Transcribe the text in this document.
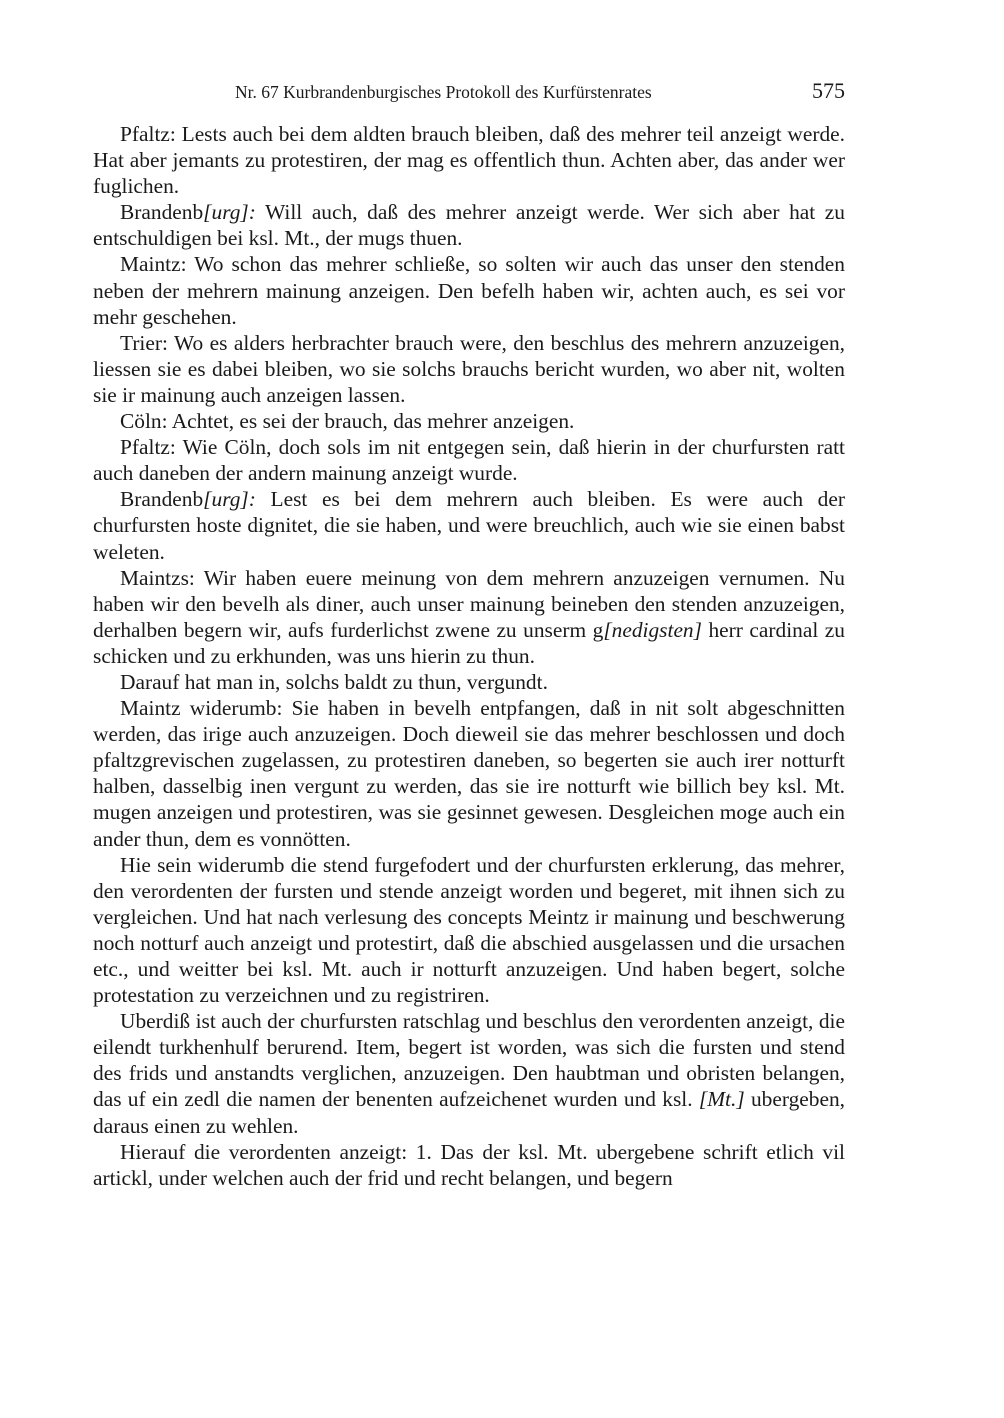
Nr. 67 Kurbrandenburgisches Protokoll des Kurfürstenrates	575

Pfaltz: Lests auch bei dem aldten brauch bleiben, daß des mehrer teil anzeigt werde. Hat aber jemants zu protestiren, der mag es offentlich thun. Achten aber, das ander wer fuglichen.

Brandenb[urg]: Will auch, daß des mehrer anzeigt werde. Wer sich aber hat zu entschuldigen bei ksl. Mt., der mugs thuen.

Maintz: Wo schon das mehrer schließe, so solten wir auch das unser den stenden neben der mehrern mainung anzeigen. Den befelh haben wir, achten auch, es sei vor mehr geschehen.

Trier: Wo es alders herbrachter brauch were, den beschlus des mehrern anzuzeigen, liessen sie es dabei bleiben, wo sie solchs brauchs bericht wurden, wo aber nit, wolten sie ir mainung auch anzeigen lassen.

Cöln: Achtet, es sei der brauch, das mehrer anzeigen.

Pfaltz: Wie Cöln, doch sols im nit entgegen sein, daß hierin in der churfursten ratt auch daneben der andern mainung anzeigt wurde.

Brandenb[urg]: Lest es bei dem mehrern auch bleiben. Es were auch der churfursten hoste dignitet, die sie haben, und were breuchlich, auch wie sie einen babst weleten.

Maintzs: Wir haben euere meinung von dem mehrern anzuzeigen vernumen. Nu haben wir den bevelh als diner, auch unser mainung beineben den stenden anzuzeigen, derhalben begern wir, aufs furderlichst zwene zu unserm g[nedigsten] herr cardinal zu schicken und zu erkhunden, was uns hierin zu thun.

Darauf hat man in, solchs baldt zu thun, vergundt.

Maintz widerumb: Sie haben in bevelh entpfangen, daß in nit solt abgeschnitten werden, das irige auch anzuzeigen. Doch dieweil sie das mehrer beschlossen und doch pfaltzgrevischen zugelassen, zu protestiren daneben, so begerten sie auch irer notturft halben, dasselbig inen vergunt zu werden, das sie ire notturft wie billich bey ksl. Mt. mugen anzeigen und protestiren, was sie gesinnet gewesen. Desgleichen moge auch ein ander thun, dem es vonnötten.

Hie sein widerumb die stend furgefodert und der churfursten erklerung, das mehrer, den verordenten der fursten und stende anzeigt worden und begeret, mit ihnen sich zu vergleichen. Und hat nach verlesung des concepts Meintz ir mainung und beschwerung noch notturf auch anzeigt und protestirt, daß die abschied ausgelassen und die ursachen etc., und weitter bei ksl. Mt. auch ir notturft anzuzeigen. Und haben begert, solche protestation zu verzeichnen und zu registriren.

Uberdiß ist auch der churfursten ratschlag und beschlus den verordenten anzeigt, die eilendt turkhenhulf berurend. Item, begert ist worden, was sich die fursten und stend des frids und anstandts verglichen, anzuzeigen. Den haubtman und obristen belangen, das uf ein zedl die namen der benenten aufzeichenet wurden und ksl. [Mt.] ubergeben, daraus einen zu wehlen.

Hierauf die verordenten anzeigt: 1. Das der ksl. Mt. ubergebene schrift etlich vil artickl, under welchen auch der frid und recht belangen, und begern
